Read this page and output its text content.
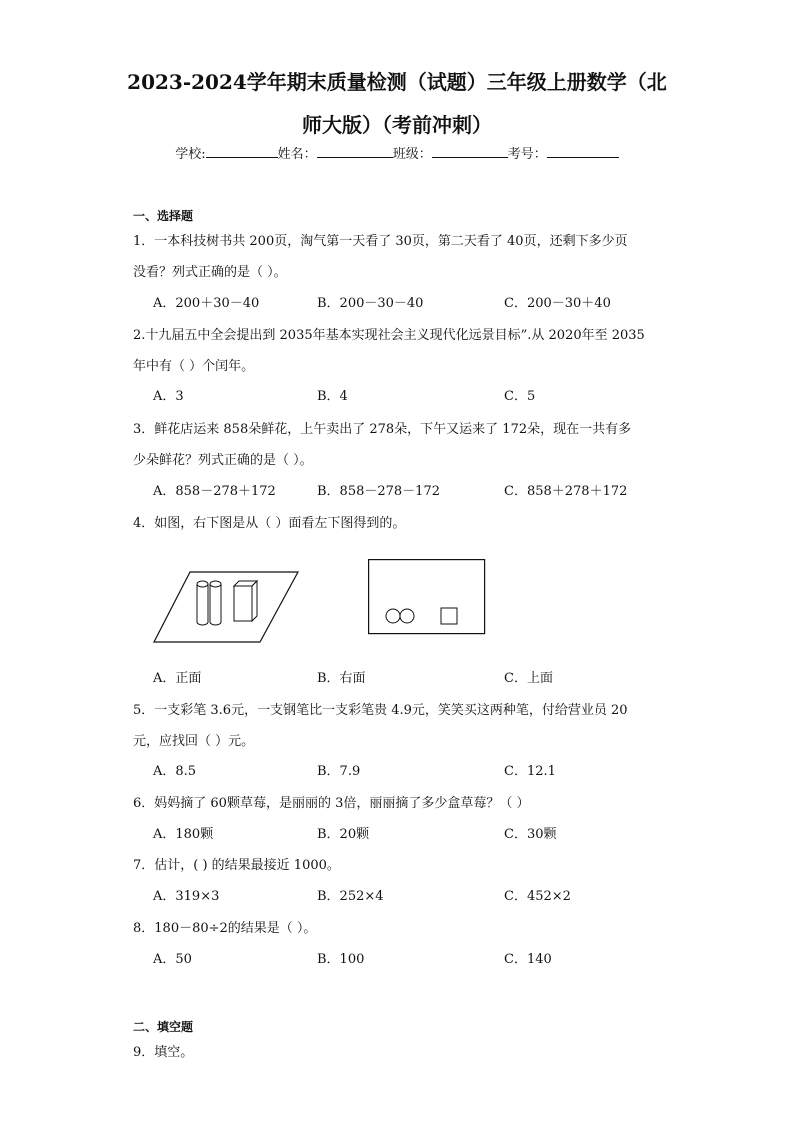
2023-2024学年期末质量检测（试题）三年级上册数学（北
师大版）（考前冲刺）
学校:	姓名：	班级：	考号：
一、选择题
1．一本科技树书共 200页，淘气第一天看了 30页，第二天看了 40页，还剩下多少页
没看？列式正确的是（ ）。
A．200＋30－40	B．200－30－40	C．200－30＋40
2.十九届五中全会提出到 2035年基本实现社会主义现代化远景目标”.从 2020年至 2035
年中有（ ）个闰年。
A．3	B．4	C．5
3．鲜花店运来 858朵鲜花，上午卖出了 278朵，下午又运来了 172朵，现在一共有多
少朵鲜花？列式正确的是（ ）。
A．858－278＋172	B．858－278－172	C．858＋278＋172
4．如图，右下图是从（ ）面看左下图得到的。
A．正面	B．右面	C．上面
5．一支彩笔 3.6元，一支钢笔比一支彩笔贵 4.9元，笑笑买这两种笔，付给营业员 20
元，应找回（ ）元。
A．8.5	B．7.9	C．12.1
6．妈妈摘了 60颗草莓，是丽丽的 3倍，丽丽摘了多少盒草莓？（ ）
A．180颗	B．20颗	C．30颗
7．估计，( ) 的结果最接近 1000。
A．319×3	B．252×4	C．452×2
8．180－80÷2的结果是（ ）。
A．50	B．100	C．140
二、填空题
9．填空。
